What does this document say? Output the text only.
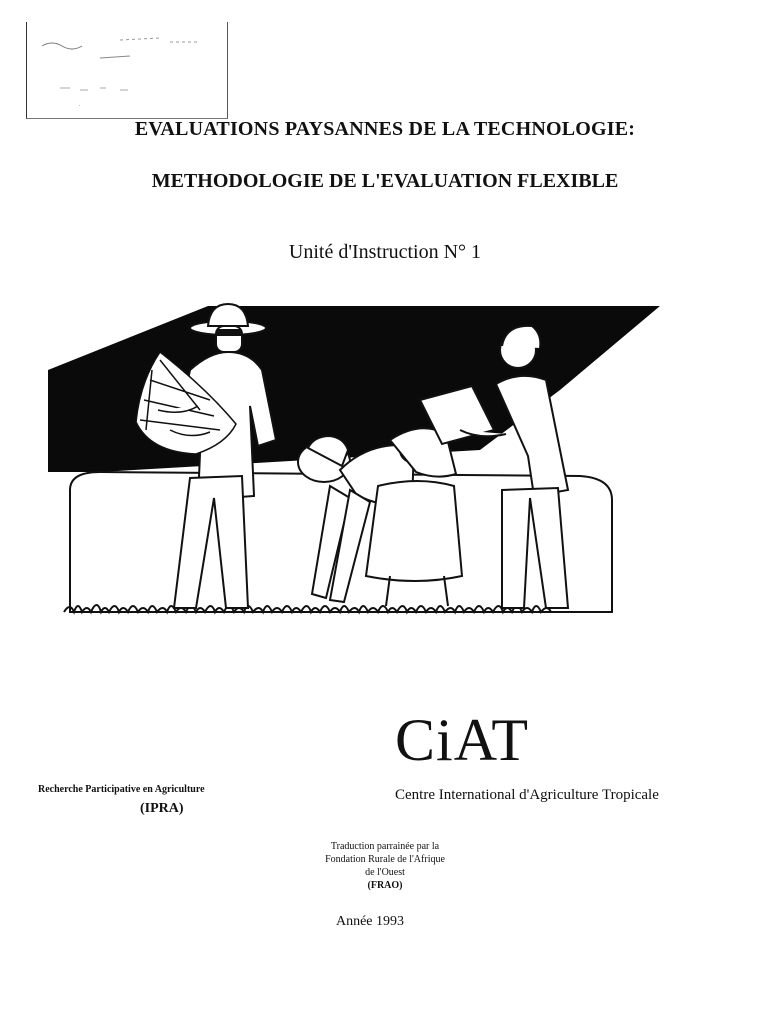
EVALUATIONS PAYSANNES DE LA TECHNOLOGIE:
METHODOLOGIE DE L'EVALUATION FLEXIBLE
Unité d'Instruction N° 1
CiAT
Centre International d'Agriculture Tropicale
Recherche Participative en Agriculture
(IPRA)
Traduction parrainée par la
Fondation Rurale de l'Afrique
de l'Ouest
(FRAO)
Année 1993
